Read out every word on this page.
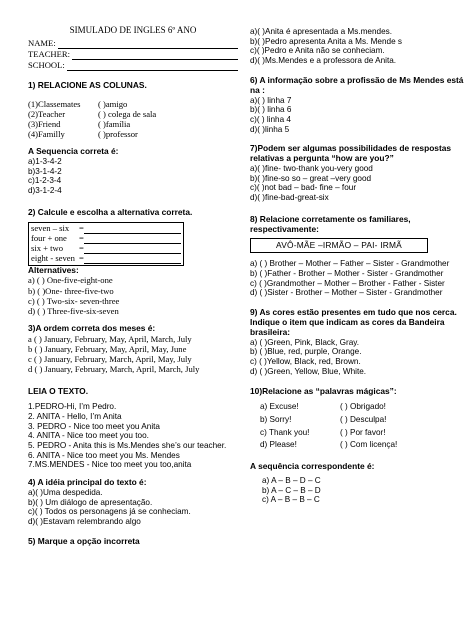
SIMULADO DE INGLES 6º ANO
NAME :
TEACHER :
SCHOOL :
1) RELACIONE AS COLUNAS.
(1)Classemates	( )amigo
(2)Teacher	( ) colega de sala
(3)Friend	( )família
(4)Familly	( )professor
A Sequencia correta é:
a)1-3-4-2
b)3-1-4-2
c)1-2-3-4
d)3-1-2-4
2) Calcule e escolha a alternativa correta.
seven – six	=
four + one	=
six + two	=
eight - seven =
Alternatives:
a) ( ) One-five-eight-one
b) ( )One- three-five-two
c) ( ) Two-six- seven-three
d) ( ) Three-five-six-seven
3)A ordem correta dos meses é:
a ( ) January, February, May, April, March, July
b ( ) January, February, May, April, May, June
c ( ) January, February, March, April, May, July
d ( ) January, February, March, April, March, July
LEIA O TEXTO.
1.PEDRO-Hi, I’m Pedro.
2. ANITA - Hello, I’m Anita
3. PEDRO - Nice too meet you Anita
4. ANITA - Nice too meet you too.
5. PEDRO - Anita this is Ms.Mendes she’s our teacher.
6. ANITA - Nice too meet you Ms. Mendes
7.MS.MENDES - Nice too meet you too,anita
4) A idéia principal do texto é:
a)( )Uma despedida.
b)( ) Um diálogo de apresentação.
c)( ) Todos os personagens já se conheciam.
d)( )Estavam relembrando algo
5) Marque a opção incorreta
a)( )Anita é apresentada a Ms.mendes.
b)( )Pedro apresenta Anita a Ms. Mende s
c)( )Pedro e Anita não se conheciam.
d)( )Ms.Mendes e a professora de Anita.
6) A informação sobre a profissão de Ms Mendes está na :
a)( ) linha 7
b)( ) linha 6
c)( ) linha 4
d)( )linha 5
7)Podem ser algumas possibilidades de respostas relativas a pergunta “how are you?”
a)( )fine- two-thank you-very good
b)( )fine-so so – great –very good
c)( )not bad – bad- fine – four
d)( )fine-bad-great-six
8) Relacione corretamente os familiares, respectivamente:
AVÔ-MÃE –IRMÃO – PAI- IRMÃ
a) ( ) Brother – Mother – Father – Sister - Grandmother
b) ( )Father - Brother – Mother - Sister - Grandmother
c) ( )Grandmother – Mother – Brother - Father - Sister
d) ( )Sister - Brother – Mother – Sister - Grandmother
9) As cores estão presentes em tudo que nos cerca. Indique o item que indicam as cores da Bandeira brasileira:
a) ( )Green, Pink, Black, Gray.
b) ( )Blue, red, purple, Orange.
c) ( )Yellow, Black, red, Brown.
d) ( )Green, Yellow, Blue, White.
10)Relacione as “palavras mágicas”:
a) Excuse!	( ) Obrigado!
b) Sorry!	( ) Desculpa!
c) Thank you!	( ) Por favor!
d) Please!	( ) Com licença!
A sequência correspondente é:
a) A – B – D – C
b) A – C – B – D
c) A – B – B – C
